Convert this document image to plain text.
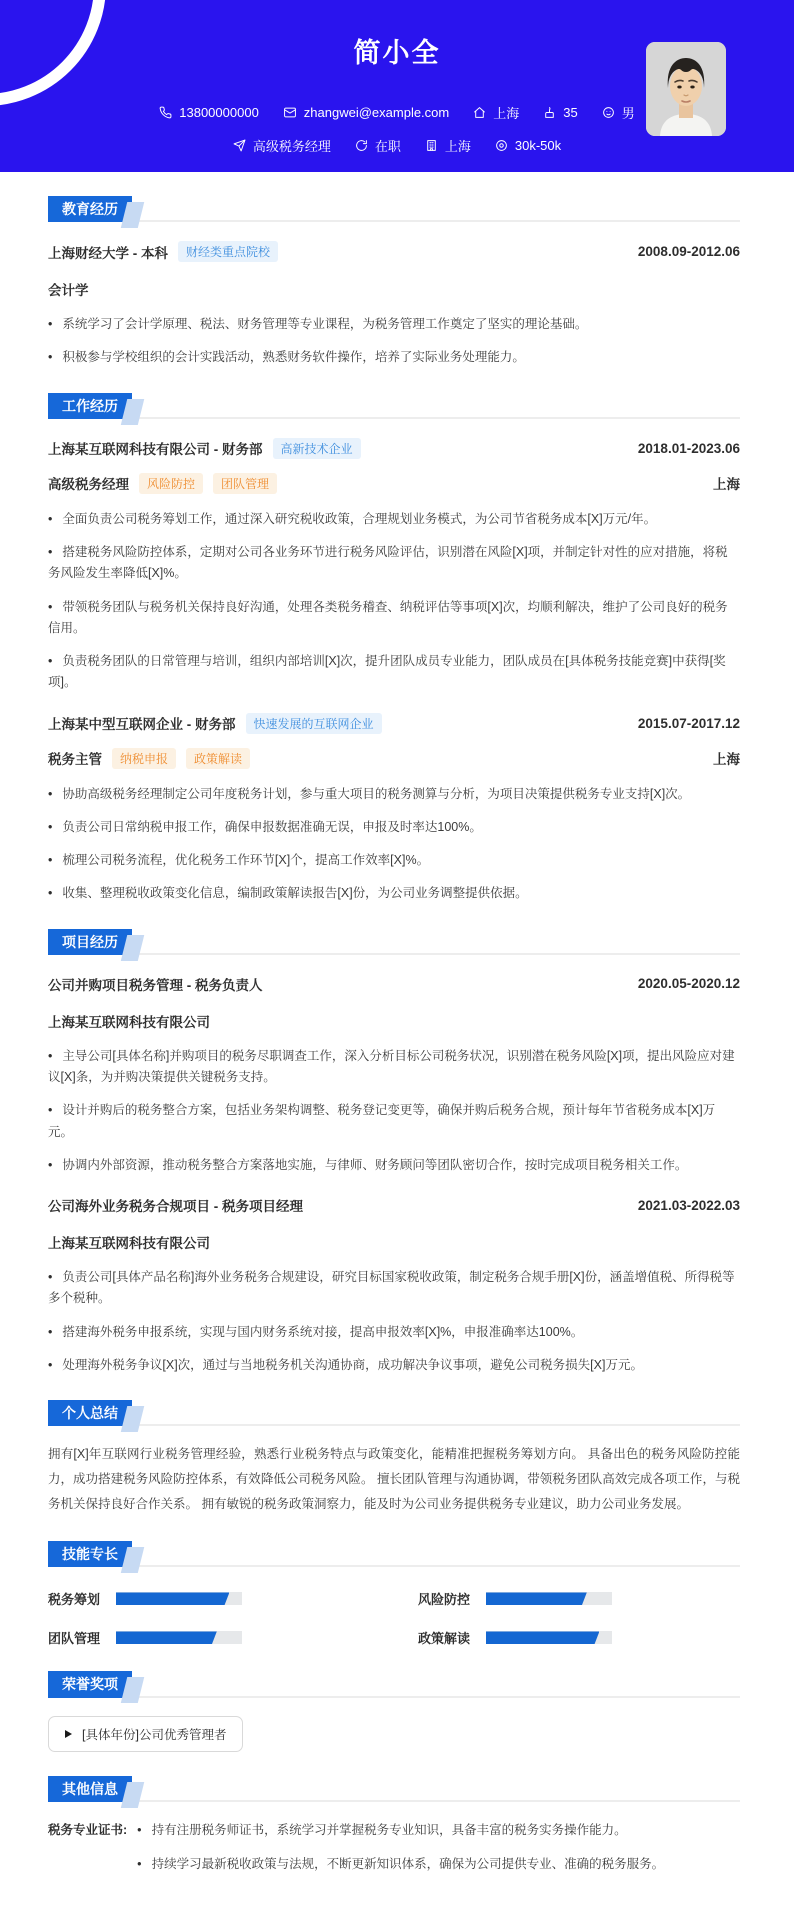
简小全
13800000000	zhangwei@example.com	上海	35	男
高级税务经理	在职	上海	30k-50k
教育经历
上海财经大学 - 本科	财经类重点院校	2008.09-2012.06
会计学
• 系统学习了会计学原理、税法、财务管理等专业课程，为税务管理工作奠定了坚实的理论基础。
• 积极参与学校组织的会计实践活动，熟悉财务软件操作，培养了实际业务处理能力。
工作经历
上海某互联网科技有限公司 - 财务部	高新技术企业	2018.01-2023.06
高级税务经理	风险防控	团队管理	上海
• 全面负责公司税务筹划工作，通过深入研究税收政策，合理规划业务模式，为公司节省税务成本[X]万元/年。
• 搭建税务风险防控体系，定期对公司各业务环节进行税务风险评估，识别潜在风险[X]项，并制定针对性的应对措施，将税务风险发生率降低[X]%。
• 带领税务团队与税务机关保持良好沟通，处理各类税务稽查、纳税评估等事项[X]次，均顺利解决，维护了公司良好的税务信用。
• 负责税务团队的日常管理与培训，组织内部培训[X]次，提升团队成员专业能力，团队成员在[具体税务技能竞赛]中获得[奖项]。
上海某中型互联网企业 - 财务部	快速发展的互联网企业	2015.07-2017.12
税务主管	纳税申报	政策解读	上海
• 协助高级税务经理制定公司年度税务计划，参与重大项目的税务测算与分析，为项目决策提供税务专业支持[X]次。
• 负责公司日常纳税申报工作，确保申报数据准确无误，申报及时率达100%。
• 梳理公司税务流程，优化税务工作环节[X]个，提高工作效率[X]%。
• 收集、整理税收政策变化信息，编制政策解读报告[X]份，为公司业务调整提供依据。
项目经历
公司并购项目税务管理 - 税务负责人	2020.05-2020.12
上海某互联网科技有限公司
• 主导公司[具体名称]并购项目的税务尽职调查工作，深入分析目标公司税务状况，识别潜在税务风险[X]项，提出风险应对建议[X]条，为并购决策提供关键税务支持。
• 设计并购后的税务整合方案，包括业务架构调整、税务登记变更等，确保并购后税务合规，预计每年节省税务成本[X]万元。
• 协调内外部资源，推动税务整合方案落地实施，与律师、财务顾问等团队密切合作，按时完成项目税务相关工作。
公司海外业务税务合规项目 - 税务项目经理	2021.03-2022.03
上海某互联网科技有限公司
• 负责公司[具体产品名称]海外业务税务合规建设，研究目标国家税收政策，制定税务合规手册[X]份，涵盖增值税、所得税等多个税种。
• 搭建海外税务申报系统，实现与国内财务系统对接，提高申报效率[X]%，申报准确率达100%。
• 处理海外税务争议[X]次，通过与当地税务机关沟通协商，成功解决争议事项，避免公司税务损失[X]万元。
个人总结

拥有[X]年互联网行业税务管理经验，熟悉行业税务特点与政策变化，能精准把握税务筹划方向。 具备出色的税务风险防控能力，成功搭建税务风险防控体系，有效降低公司税务风险。 擅长团队管理与沟通协调，带领税务团队高效完成各项工作，与税务机关保持良好合作关系。 拥有敏锐的税务政策洞察力，能及时为公司业务提供税务专业建议，助力公司业务发展。

技能专长
税务筹划	风险防控
团队管理	政策解读
荣誉奖项
[具体年份]公司优秀管理者
其他信息
税务专业证书:	• 持有注册税务师证书，系统学习并掌握税务专业知识，具备丰富的税务实务操作能力。
• 持续学习最新税收政策与法规，不断更新知识体系，确保为公司提供专业、准确的税务服务。
